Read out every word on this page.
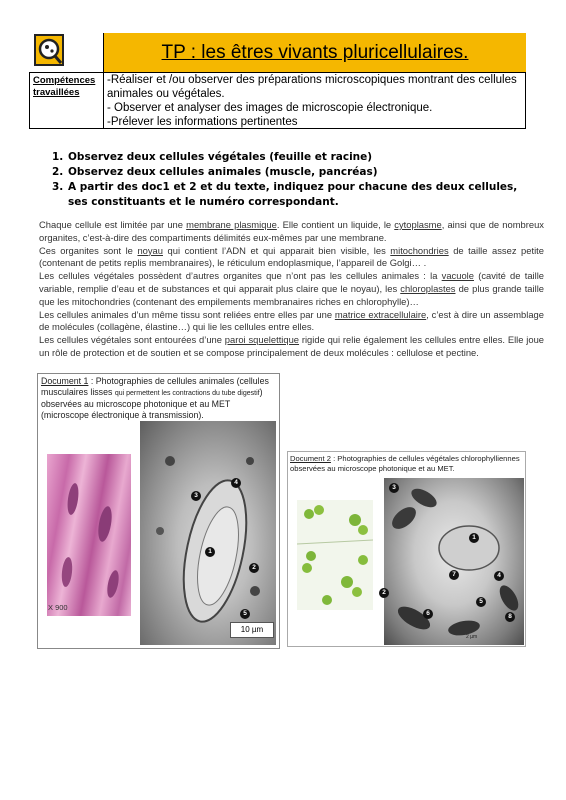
TP : les êtres vivants pluricellulaires.
Compétences travaillées
-Réaliser et /ou observer des préparations microscopiques montrant des cellules animales ou végétales.
- Observer et analyser des images de microscopie électronique.
-Prélever les informations pertinentes
1. Observez deux cellules végétales (feuille et racine)
2. Observez deux cellules animales (muscle, pancréas)
3. A partir des doc1 et 2 et du texte, indiquez pour chacune des deux cellules, ses constituants et le numéro correspondant.

Chaque cellule est limitée par une membrane plasmique. Elle contient un liquide, le cytoplasme, ainsi que de nombreux organites, c’est-à-dire des compartiments délimités eux-mêmes par une membrane.

Ces organites sont le noyau qui contient l’ADN et qui apparait bien visible, les mitochondries de taille assez petite (contenant de petits replis membranaires), le réticulum endoplasmique, l’appareil de Golgi… .

Les cellules végétales possèdent d’autres organites que n’ont pas les cellules animales : la vacuole (cavité de taille variable, remplie d’eau et de substances et qui apparait plus claire que le noyau), les chloroplastes de plus grande taille que les mitochondries (contenant des empilements membranaires riches en chlorophylle)…

Les cellules animales d’un même tissu sont reliées entre elles par une matrice extracellulaire, c’est à dire un assemblage de molécules (collagène, élastine…) qui lie les cellules entre elles.

Les cellules végétales sont entourées d’une paroi squelettique rigide qui relie également les cellules entre elles. Elle joue un rôle de protection et de soutien et se compose principalement de deux molécules : cellulose et pectine.

Document 1 : Photographies de cellules animales (cellules musculaires lisses qui permettent les contractions du tube digestif) observées au microscope photonique et au MET (microscope électronique à transmission).
X 900
3
4
1
2
5
10 µm
Document 2 : Photographies de cellules végétales chlorophylliennes observées au microscope photonique et au MET.
3
1
7	4
2
6	8
5
2 µm
